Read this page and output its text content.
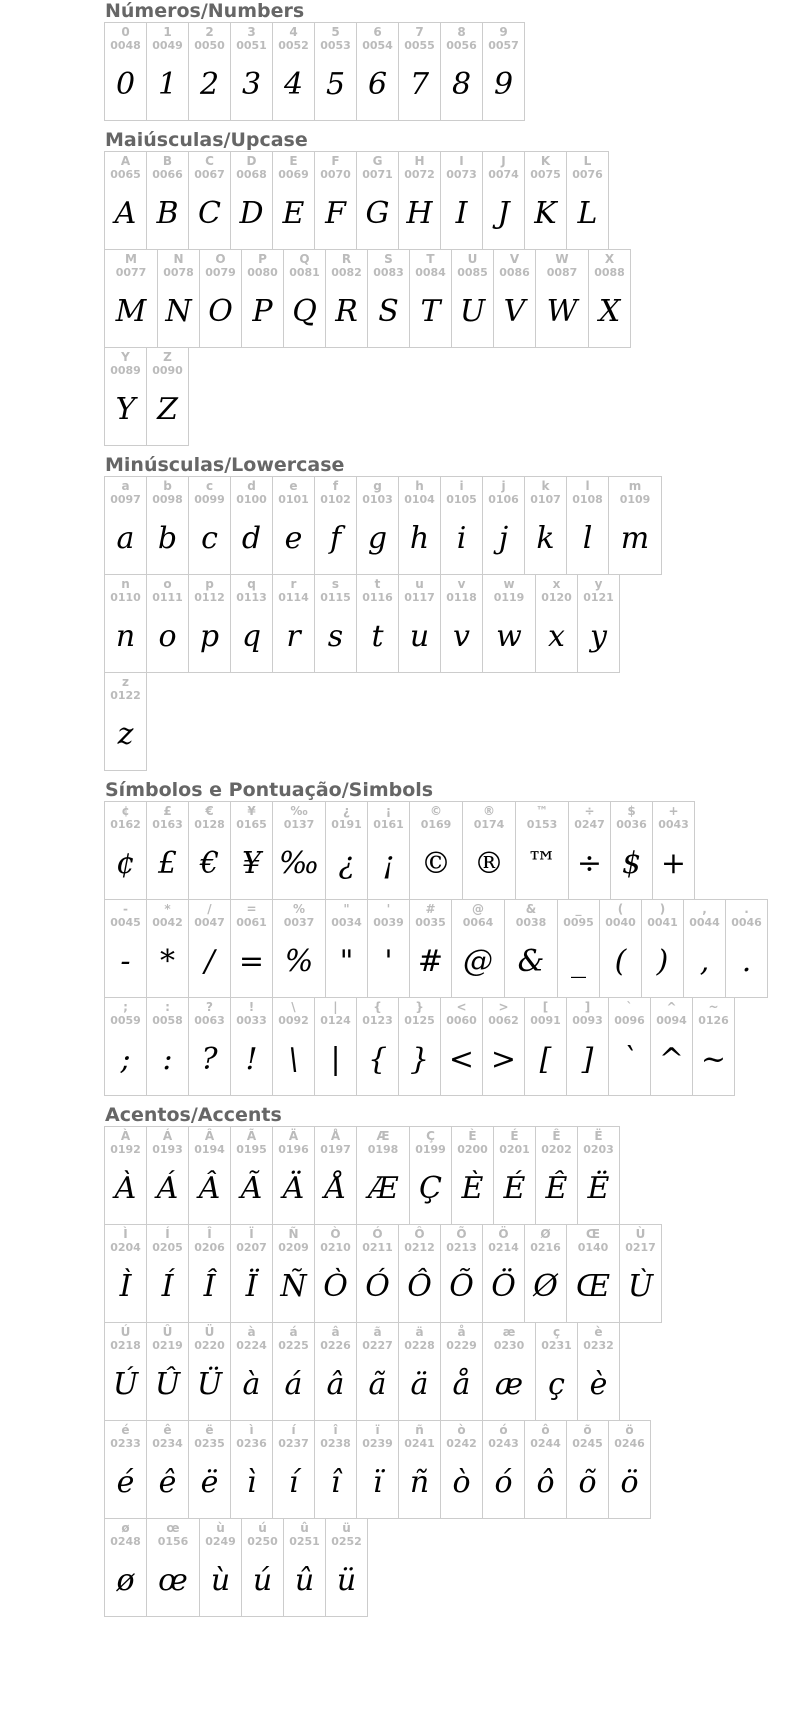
Números/Numbers
0
0048
0
1
0049
1
2
0050
2
3
0051
3
4
0052
4
5
0053
5
6
0054
6
7
0055
7
8
0056
8
9
0057
9
Maiúsculas/Upcase
A
0065
A
B
0066
B
C
0067
C
D
0068
D
E
0069
E
F
0070
F
G
0071
G
H
0072
H
I
0073
I
J
0074
J
K
0075
K
L
0076
L
M
0077
M
N
0078
N
O
0079
O
P
0080
P
Q
0081
Q
R
0082
R
S
0083
S
T
0084
T
U
0085
U
V
0086
V
W
0087
W
X
0088
X
Y
0089
Y
Z
0090
Z
Minúsculas/Lowercase
a
0097
a
b
0098
b
c
0099
c
d
0100
d
e
0101
e
f
0102
f
g
0103
g
h
0104
h
i
0105
i
j
0106
j
k
0107
k
l
0108
l
m
0109
m
n
0110
n
o
0111
o
p
0112
p
q
0113
q
r
0114
r
s
0115
s
t
0116
t
u
0117
u
v
0118
v
w
0119
w
x
0120
x
y
0121
y
z
0122
z
Símbolos e Pontuação/Simbols
¢
0162
¢
£
0163
£
€
0128
€
¥
0165
¥
‰
0137
‰
¿
0191
¿
¡
0161
¡
©
0169
©
®
0174
®
™
0153
™
÷
0247
÷
$
0036
$
+
0043
+
-
0045
-
*
0042
*
/
0047
/
=
0061
=
%
0037
%
"
0034
"
'
0039
'
#
0035
#
@
0064
@
&
0038
&
_
0095
_
(
0040
(
)
0041
)
,
0044
,
.
0046
.
;
0059
;
:
0058
:
?
0063
?
!
0033
!
\
0092
\
|
0124
|
{
0123
{
}
0125
}
<
0060
<
>
0062
>
[
0091
[
]
0093
]
`
0096
`
^
0094
^
~
0126
~
Acentos/Accents
À
0192
À
Á
0193
Á
Â
0194
Â
Ã
0195
Ã
Ä
0196
Ä
Å
0197
Å
Æ
0198
Æ
Ç
0199
Ç
È
0200
È
É
0201
É
Ê
0202
Ê
Ë
0203
Ë
Ì
0204
Ì
Í
0205
Í
Î
0206
Î
Ï
0207
Ï
Ñ
0209
Ñ
Ò
0210
Ò
Ó
0211
Ó
Ô
0212
Ô
Õ
0213
Õ
Ö
0214
Ö
Ø
0216
Ø
Œ
0140
Œ
Ù
0217
Ù
Ú
0218
Ú
Û
0219
Û
Ü
0220
Ü
à
0224
à
á
0225
á
â
0226
â
ã
0227
ã
ä
0228
ä
å
0229
å
æ
0230
æ
ç
0231
ç
è
0232
è
é
0233
é
ê
0234
ê
ë
0235
ë
ì
0236
ì
í
0237
í
î
0238
î
ï
0239
ï
ñ
0241
ñ
ò
0242
ò
ó
0243
ó
ô
0244
ô
õ
0245
õ
ö
0246
ö
ø
0248
ø
œ
0156
œ
ù
0249
ù
ú
0250
ú
û
0251
û
ü
0252
ü
